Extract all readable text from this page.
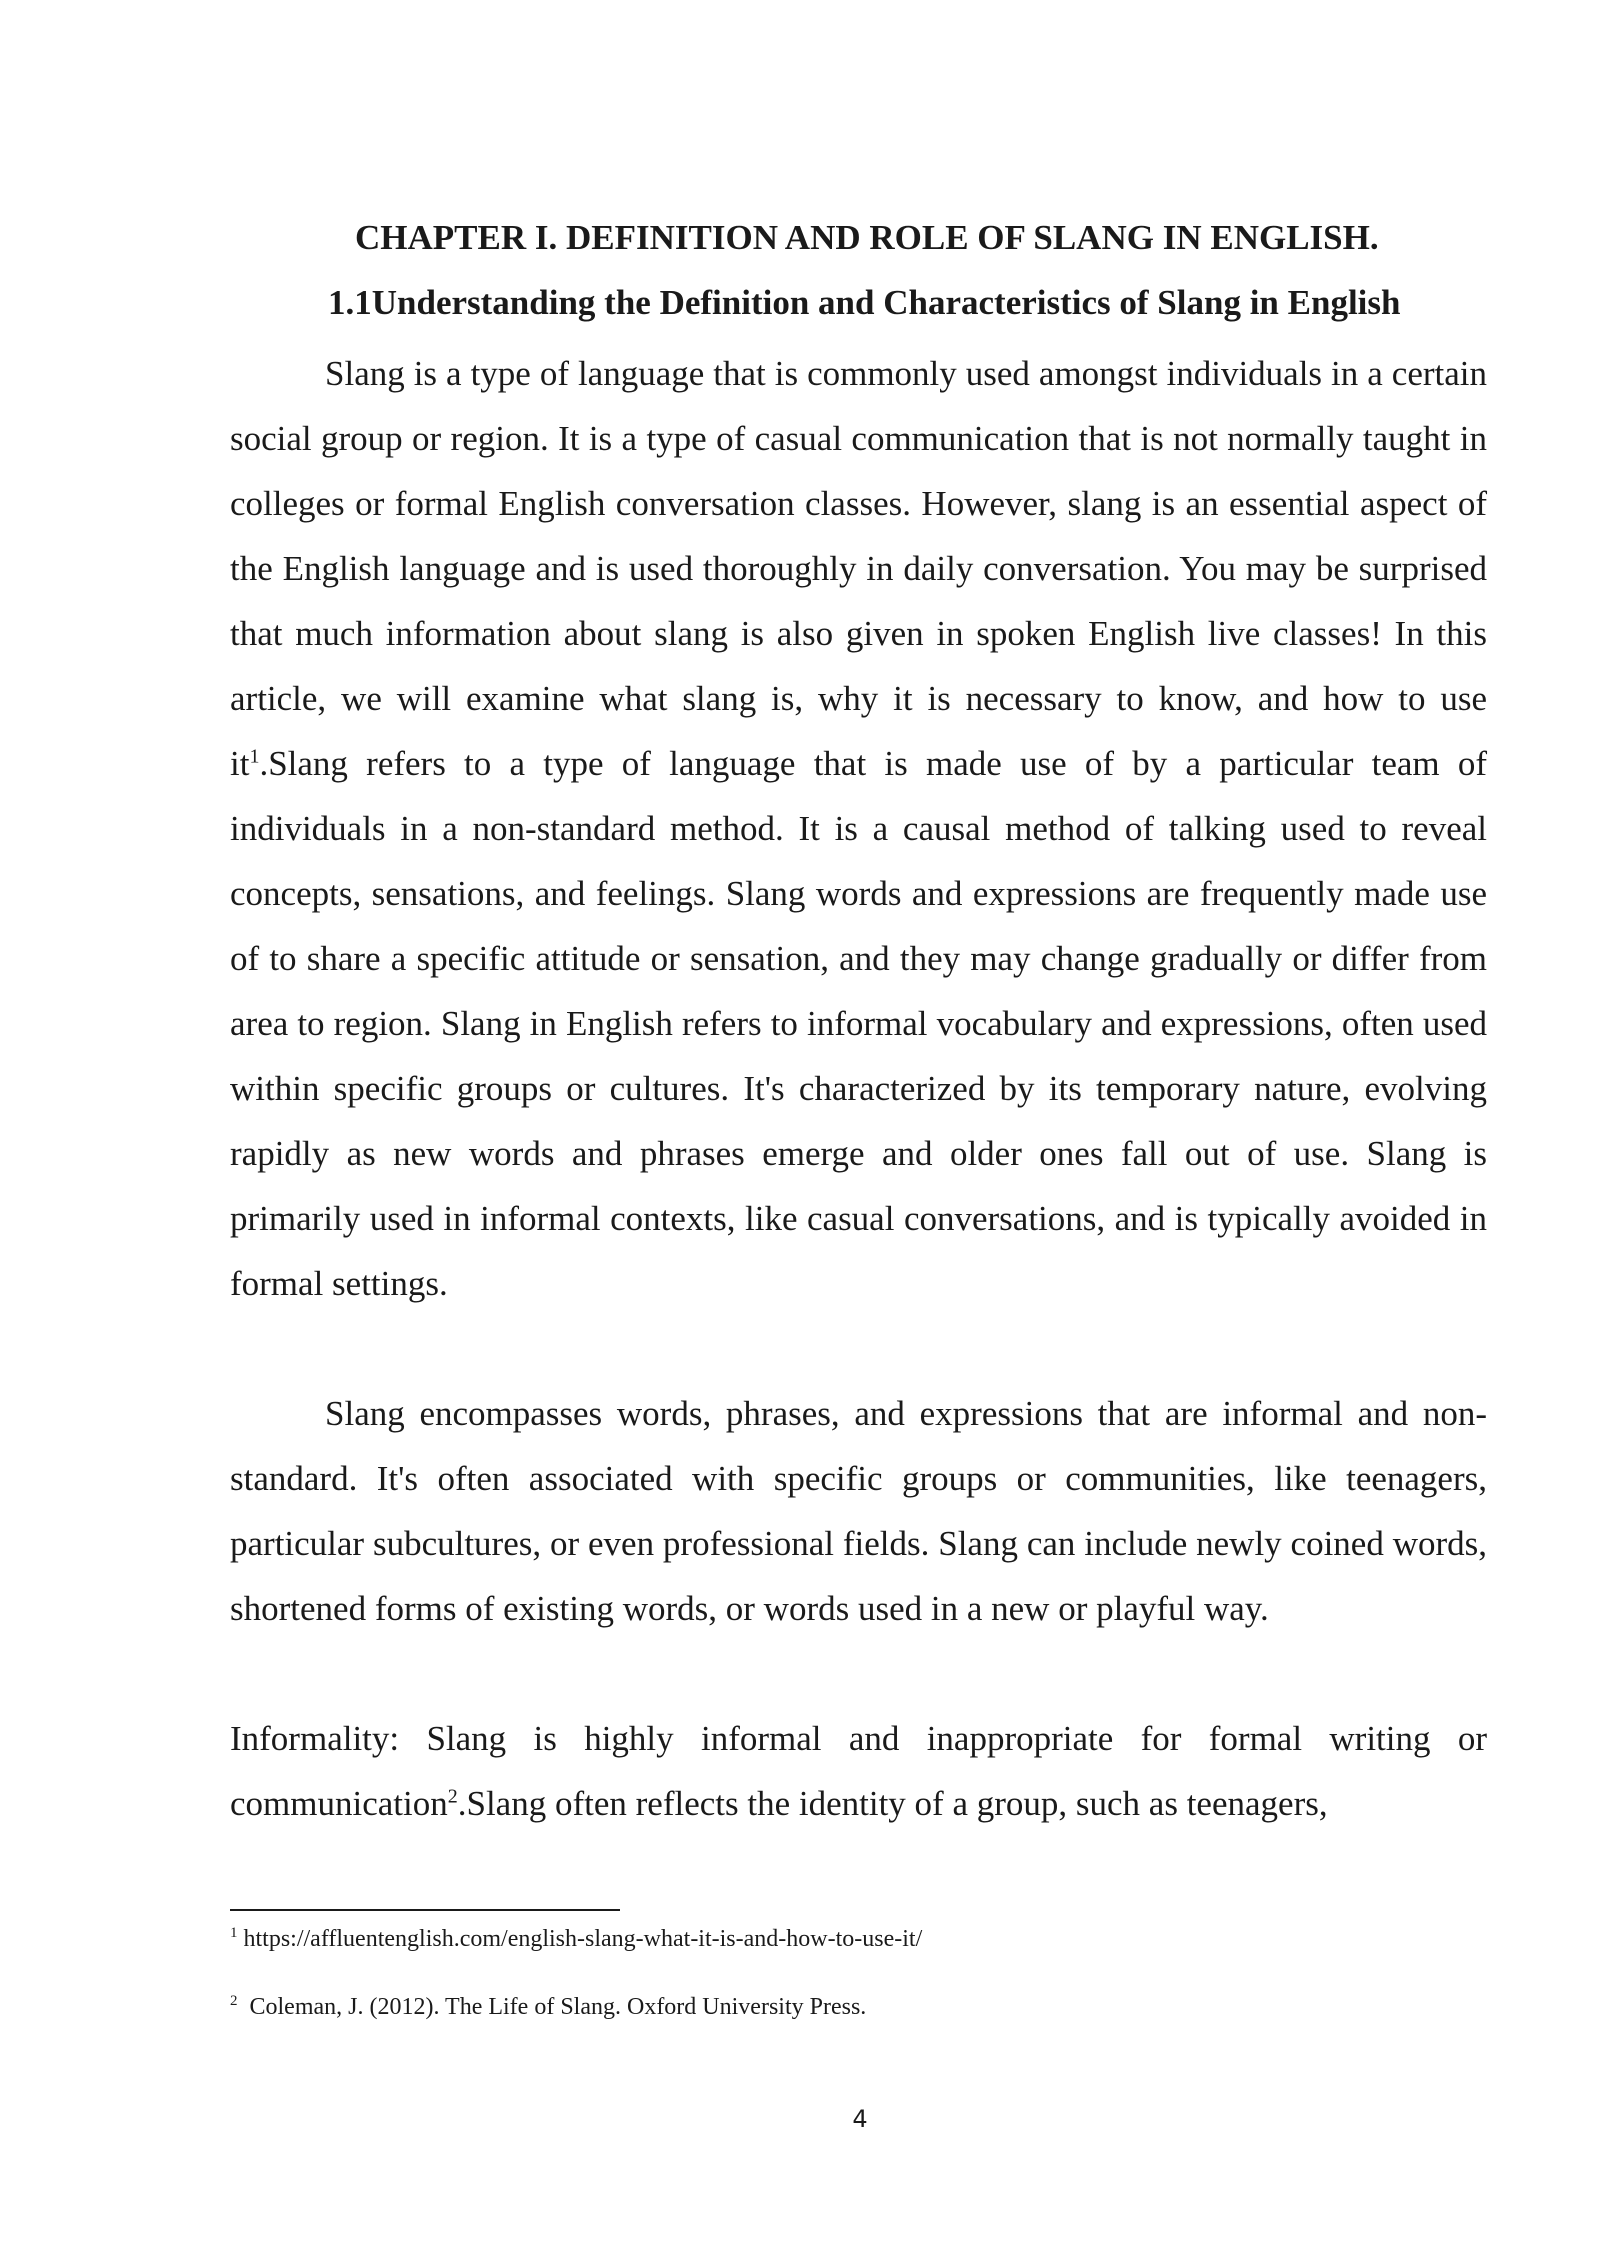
CHAPTER I. DEFINITION AND ROLE OF SLANG IN ENGLISH.
1.1Understanding the Definition and Characteristics of Slang in English
Slang is a type of language that is commonly used amongst individuals in a certain social group or region. It is a type of casual communication that is not normally taught in colleges or formal English conversation classes. However, slang is an essential aspect of the English language and is used thoroughly in daily conversation. You may be surprised that much information about slang is also given in spoken English live classes! In this article, we will examine what slang is, why it is necessary to know, and how to use $it^1.Slang$ refers to a type of language that is made use of by a particular team of individuals in a non-standard method. It is a causal method of talking used to reveal concepts, sensations, and feelings. Slang words and expressions are frequently made use of to share a specific attitude or sensation, and they may change gradually or differ from area to region. Slang in English refers to informal vocabulary and expressions, often used within specific groups or cultures. It's characterized by its temporary nature, evolving rapidly as new words and phrases emerge and older ones fall out of use. Slang is primarily used in informal contexts, like casual conversations, and is typically avoided in formal settings.
Slang encompasses words, phrases, and expressions that are informal and non-standard. It's often associated with specific groups or communities, like teenagers, particular subcultures, or even professional fields. Slang can include newly coined words, shortened forms of existing words, or words used in a new or playful way.
Informality: Slang is highly informal and inappropriate for formal writing or communication$^2$.Slang often reflects the identity of a group, such as teenagers,
$^1$ https://affluentenglish.com/english-slang-what-it-is-and-how-to-use-it/
$^2$ Coleman, J. (2012). The Life of Slang. Oxford University Press.
4
